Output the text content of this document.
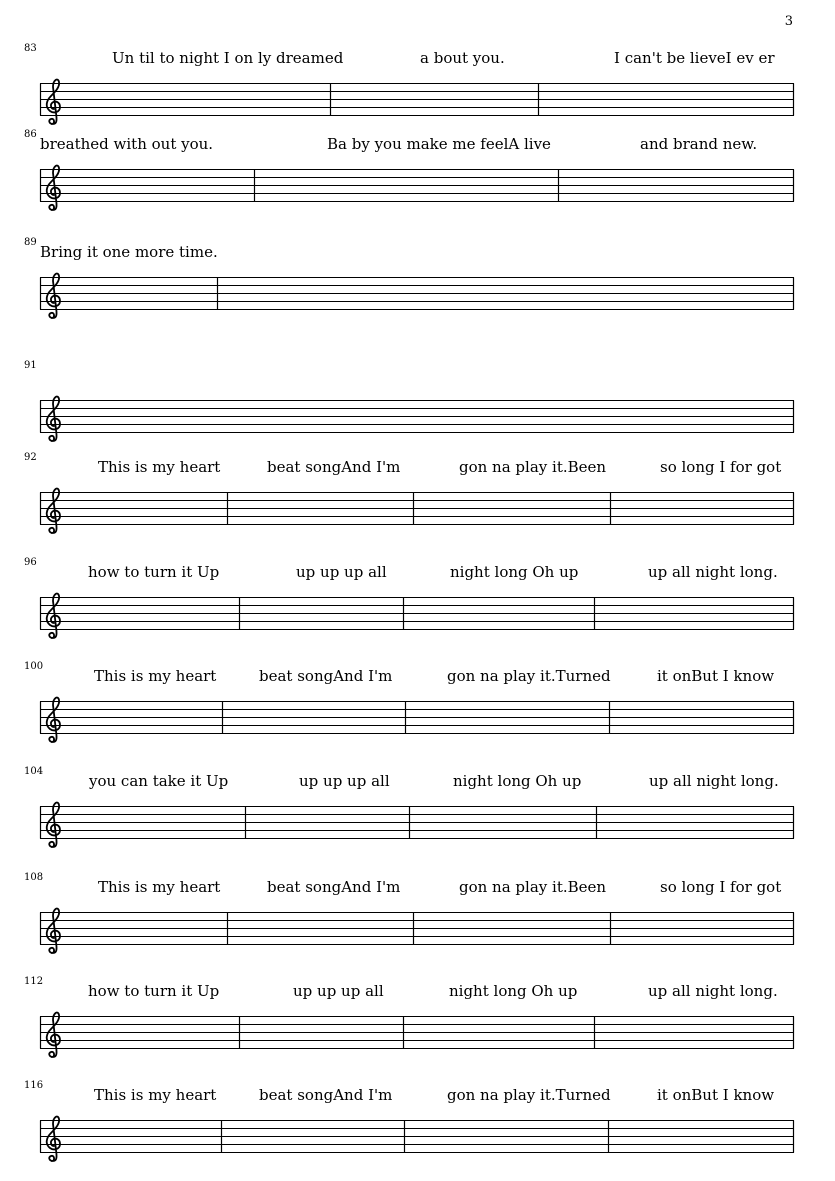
3
83
Un til to night I on ly dreamed	a bout you.	I can't be lieveI ev er
86
breathed with out you.	Ba by you make me feelA live	and brand new.
89
Bring it one more time.
91
92
This is my heart	beat songAnd I'm	gon na play it.Been	so long I for got
96
how to turn it Up	up up up all	night long Oh up	up all night long.
100
This is my heart	beat songAnd I'm	gon na play it.Turned	it onBut I know
104
you can take it Up	up up up all	night long Oh up	up all night long.
108
This is my heart	beat songAnd I'm	gon na play it.Been	so long I for got
112
how to turn it Up	up up up all	night long Oh up	up all night long.
116
This is my heart	beat songAnd I'm	gon na play it.Turned	it onBut I know
